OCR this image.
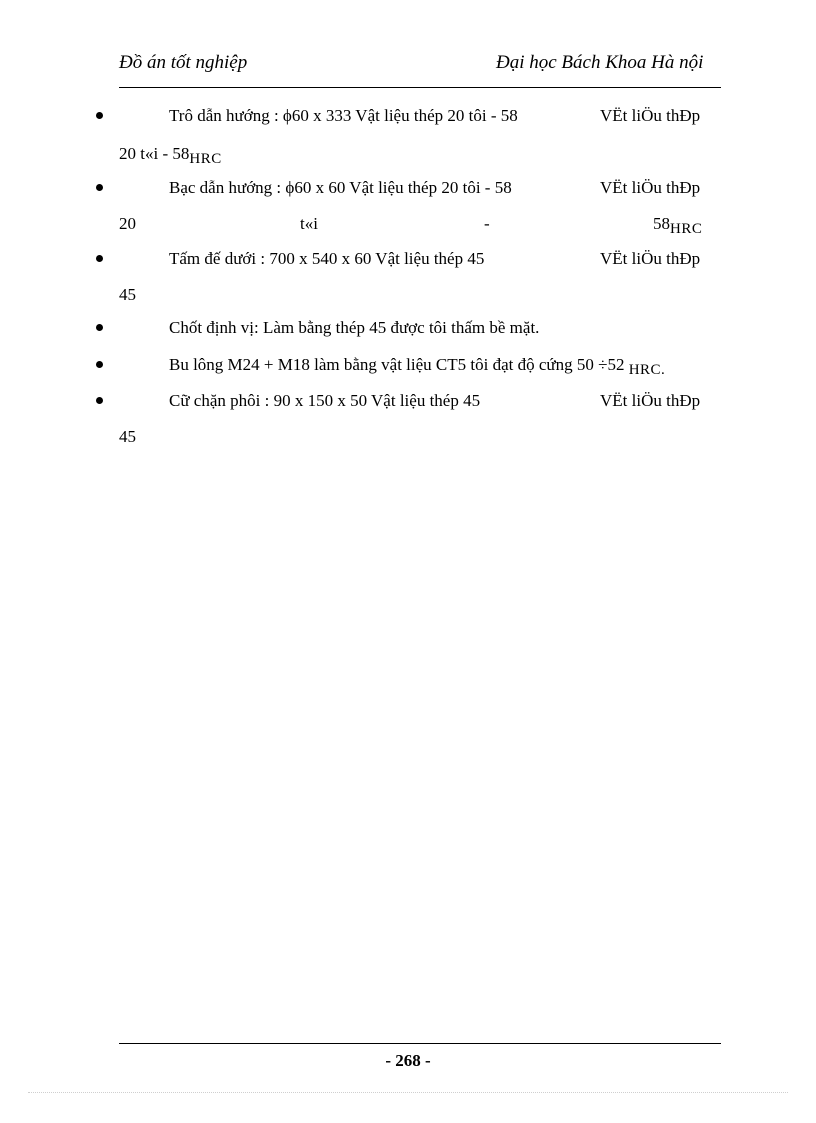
Đồ án tốt nghiệp	Đại học Bách Khoa Hà nội
Trô dẫn hướng : ϕ60 x 333 Vật liệu thép 20 tôi - 58	VËt liÖu thÐp
20 t«i - 58HRC
Bạc dẫn hướng : ϕ60 x 60 Vật liệu thép 20 tôi - 58	VËt liÖu thÐp
20	t«i	-	58HRC
Tấm đế dưới : 700 x 540 x 60 Vật liệu thép 45	VËt liÖu thÐp
45
Chốt định vị: Làm bằng thép 45 được tôi thấm bề mặt.
Bu lông M24 + M18 làm bằng vật liệu CT5 tôi đạt độ cứng 50 ÷52 HRC.
Cữ chặn phôi : 90 x 150 x 50 Vật liệu thép 45	VËt liÖu thÐp
45
- 268 -
